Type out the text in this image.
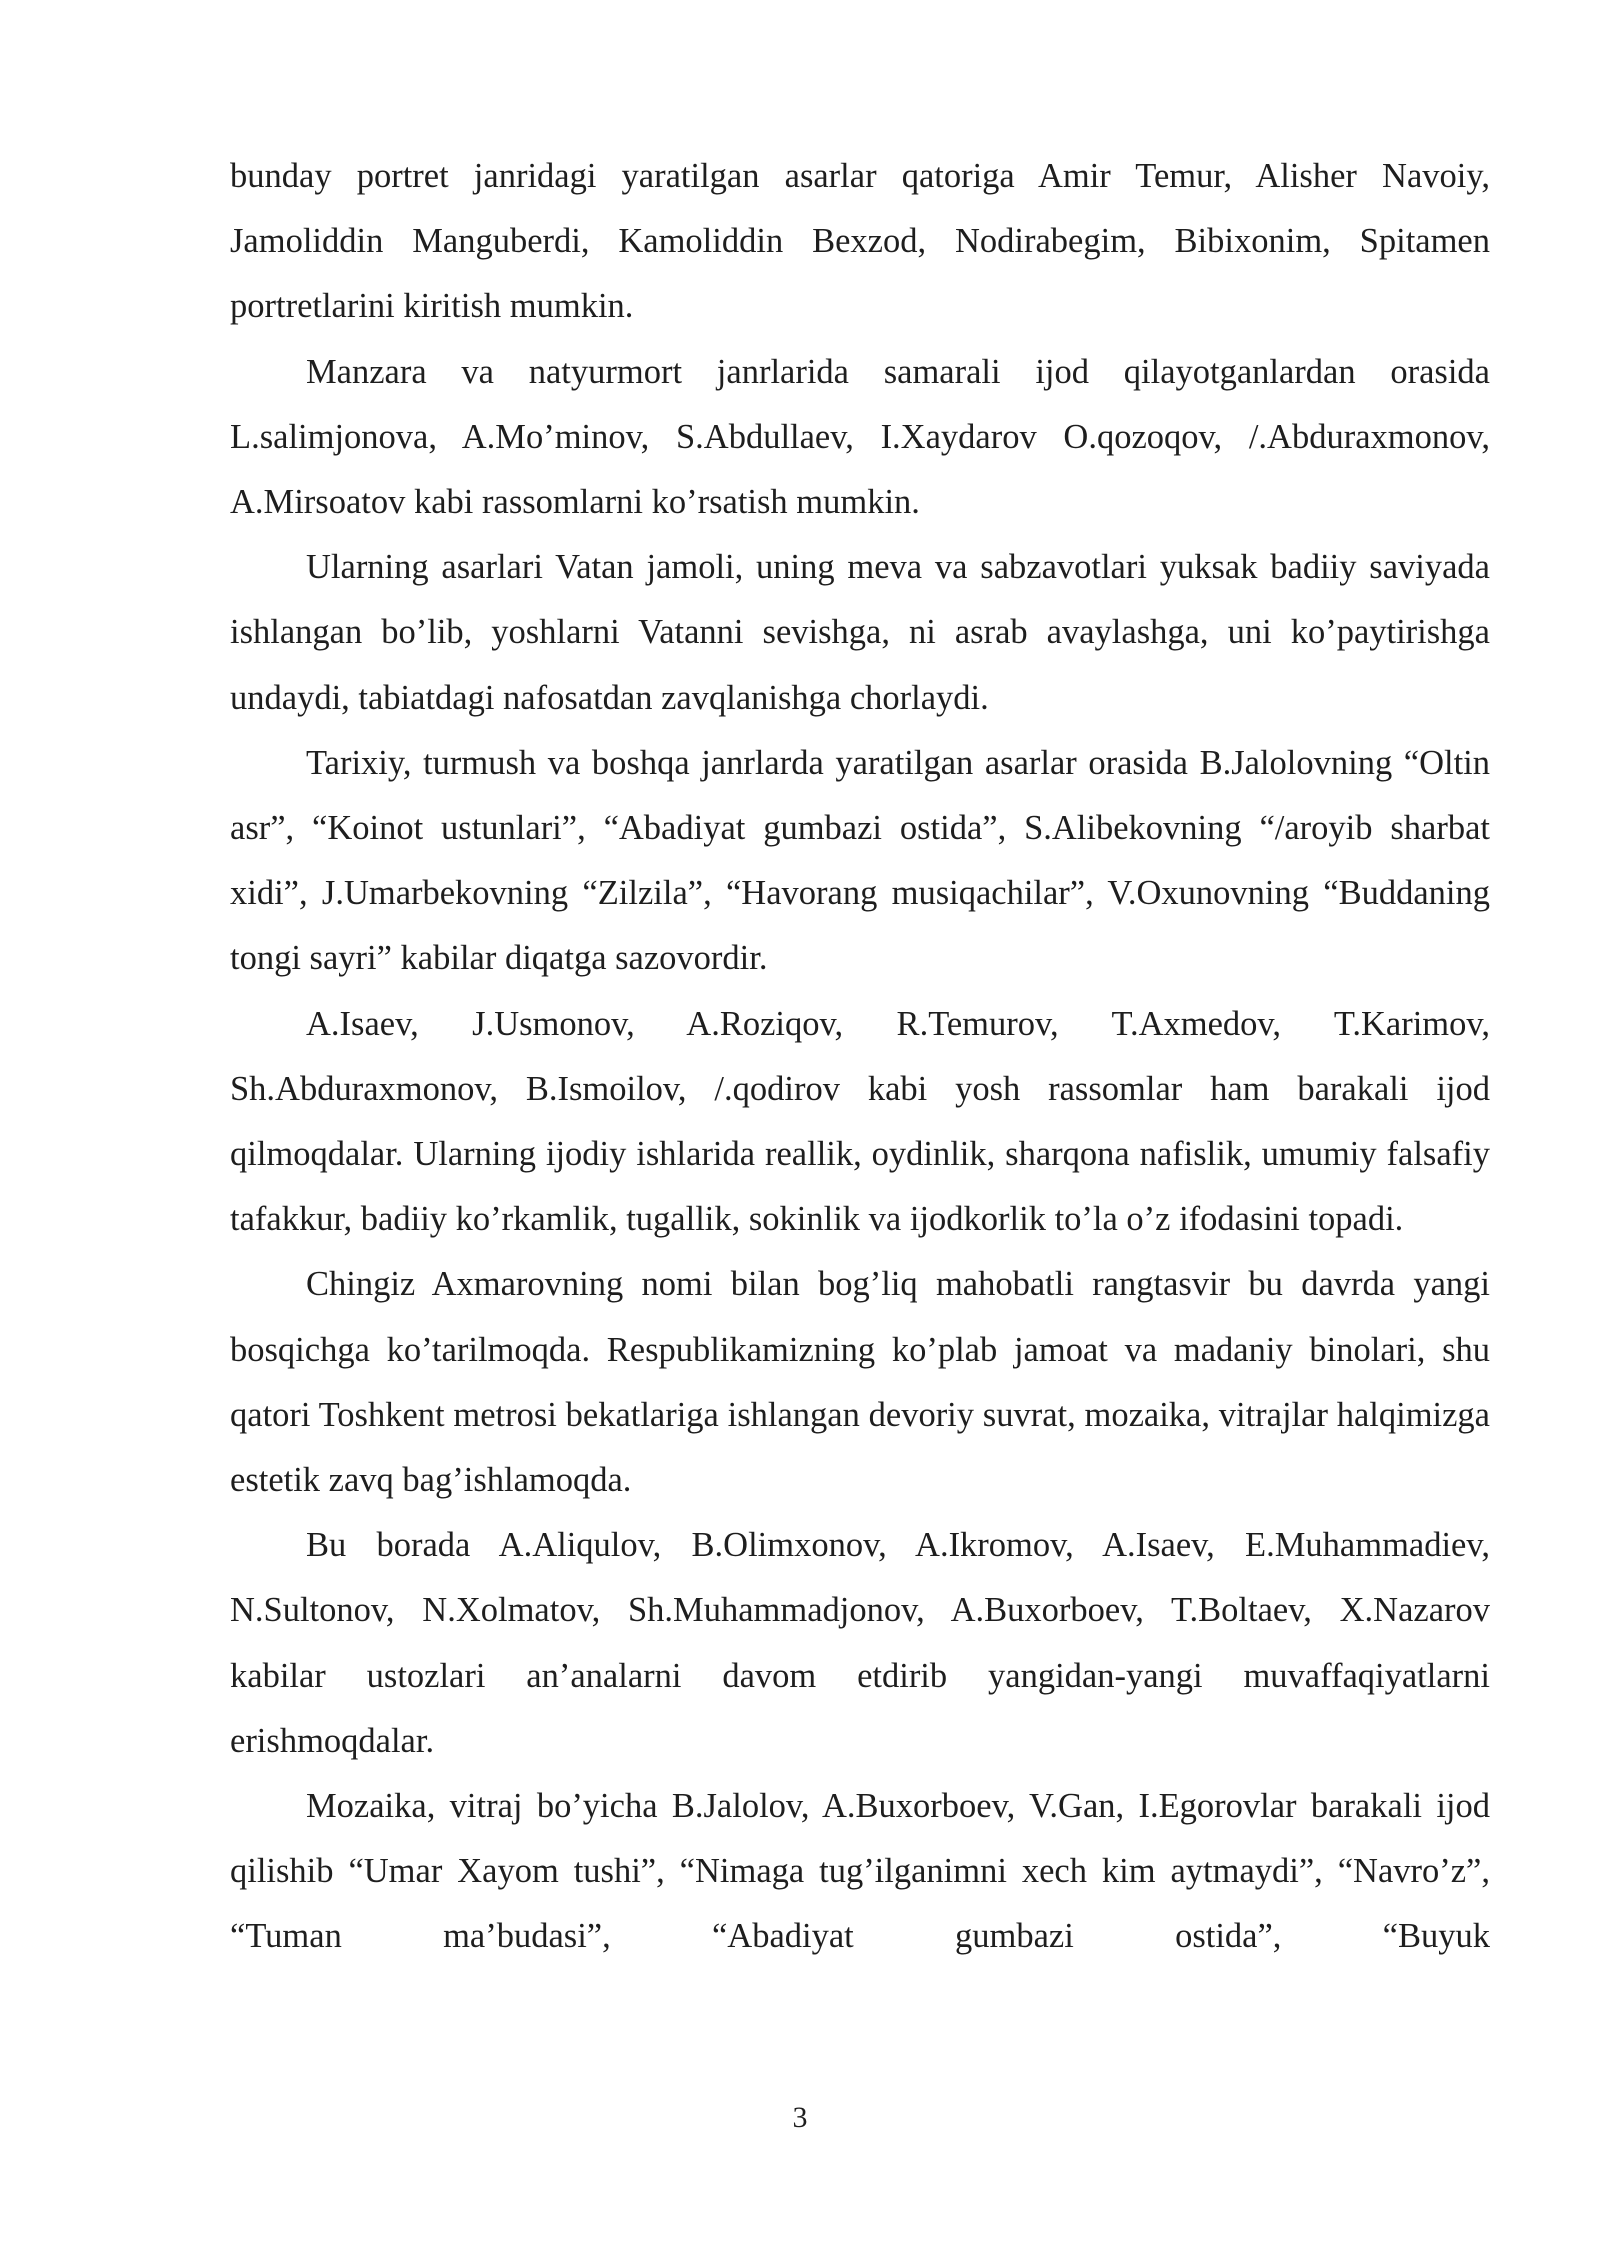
bunday portret janridagi yaratilgan asarlar qatoriga Amir Temur, Alisher Navoiy, Jamoliddin Manguberdi, Kamoliddin Bexzod, Nodirabegim, Bibixonim, Spitamen portretlarini kiritish mumkin.

Manzara va natyurmort janrlarida samarali ijod qilayotganlardan orasida L.salimjonova, A.Mo’minov, S.Abdullaev, I.Xaydarov O.qozoqov, /.Abduraxmonov, A.Mirsoatov kabi rassomlarni ko’rsatish mumkin.

Ularning asarlari Vatan jamoli, uning meva va sabzavotlari yuksak badiiy saviyada ishlangan bo’lib, yoshlarni Vatanni sevishga, ni asrab avaylashga, uni ko’paytirishga undaydi, tabiatdagi nafosatdan zavqlanishga chorlaydi.

Tarixiy, turmush va boshqa janrlarda yaratilgan asarlar orasida B.Jalolovning “Oltin asr”, “Koinot ustunlari”, “Abadiyat gumbazi ostida”, S.Alibekovning “/aroyib sharbat xidi”, J.Umarbekovning “Zilzila”, “Havorang musiqachilar”, V.Oxunovning “Buddaning tongi sayri” kabilar diqatga sazovordir.

A.Isaev, J.Usmonov, A.Roziqov, R.Temurov, T.Axmedov, T.Karimov, Sh.Abduraxmonov, B.Ismoilov, /.qodirov kabi yosh rassomlar ham barakali ijod qilmoqdalar. Ularning ijodiy ishlarida reallik, oydinlik, sharqona nafislik, umumiy falsafiy tafakkur, badiiy ko’rkamlik, tugallik, sokinlik va ijodkorlik to’la o’z ifodasini topadi.

Chingiz Axmarovning nomi bilan bog’liq mahobatli rangtasvir bu davrda yangi bosqichga ko’tarilmoqda. Respublikamizning ko’plab jamoat va madaniy binolari, shu qatori Toshkent metrosi bekatlariga ishlangan devoriy suvrat, mozaika, vitrajlar halqimizga estetik zavq bag’ishlamoqda.

Bu borada A.Aliqulov, B.Olimxonov, A.Ikromov, A.Isaev, E.Muhammadiev, N.Sultonov, N.Xolmatov, Sh.Muhammadjonov, A.Buxorboev, T.Boltaev, X.Nazarov kabilar ustozlari an’analarni davom etdirib yangidan-yangi muvaffaqiyatlarni erishmoqdalar.

Mozaika, vitraj bo’yicha B.Jalolov, A.Buxorboev, V.Gan, I.Egorovlar barakali ijod qilishib “Umar Xayom tushi”, “Nimaga tug’ilganimni xech kim aytmaydi”, “Navro’z”, “Tuman ma’budasi”, “Abadiyat gumbazi ostida”, “Buyuk

3
